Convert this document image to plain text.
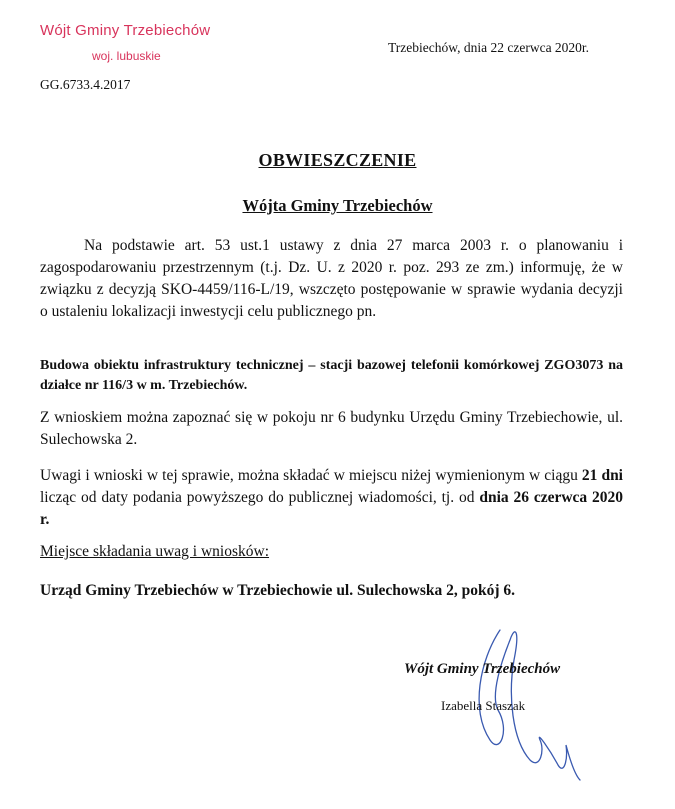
Wójt Gminy Trzebiechów
woj. lubuskie
Trzebiechów, dnia 22 czerwca 2020r.
GG.6733.4.2017
OBWIESZCZENIE
Wójta Gminy Trzebiechów
Na podstawie art. 53 ust.1 ustawy z dnia 27 marca 2003 r. o planowaniu i zagospodarowaniu przestrzennym (t.j. Dz. U. z 2020 r. poz. 293 ze zm.) informuję, że w związku z decyzją SKO-4459/116-L/19, wszczęto postępowanie w sprawie wydania decyzji o ustaleniu lokalizacji inwestycji celu publicznego pn.
Budowa obiektu infrastruktury technicznej – stacji bazowej telefonii komórkowej ZGO3073 na działce nr 116/3 w m. Trzebiechów.
Z wnioskiem można zapoznać się w pokoju nr 6 budynku Urzędu Gminy Trzebiechowie, ul. Sulechowska 2.
Uwagi i wnioski w tej sprawie, można składać w miejscu niżej wymienionym w ciągu 21 dni licząc od daty podania powyższego do publicznej wiadomości, tj. od dnia 26 czerwca 2020 r.
Miejsce składania uwag i wniosków:
Urząd Gminy Trzebiechów w Trzebiechowie ul. Sulechowska 2, pokój 6.
Wójt Gminy Trzebiechów
Izabella Staszak
